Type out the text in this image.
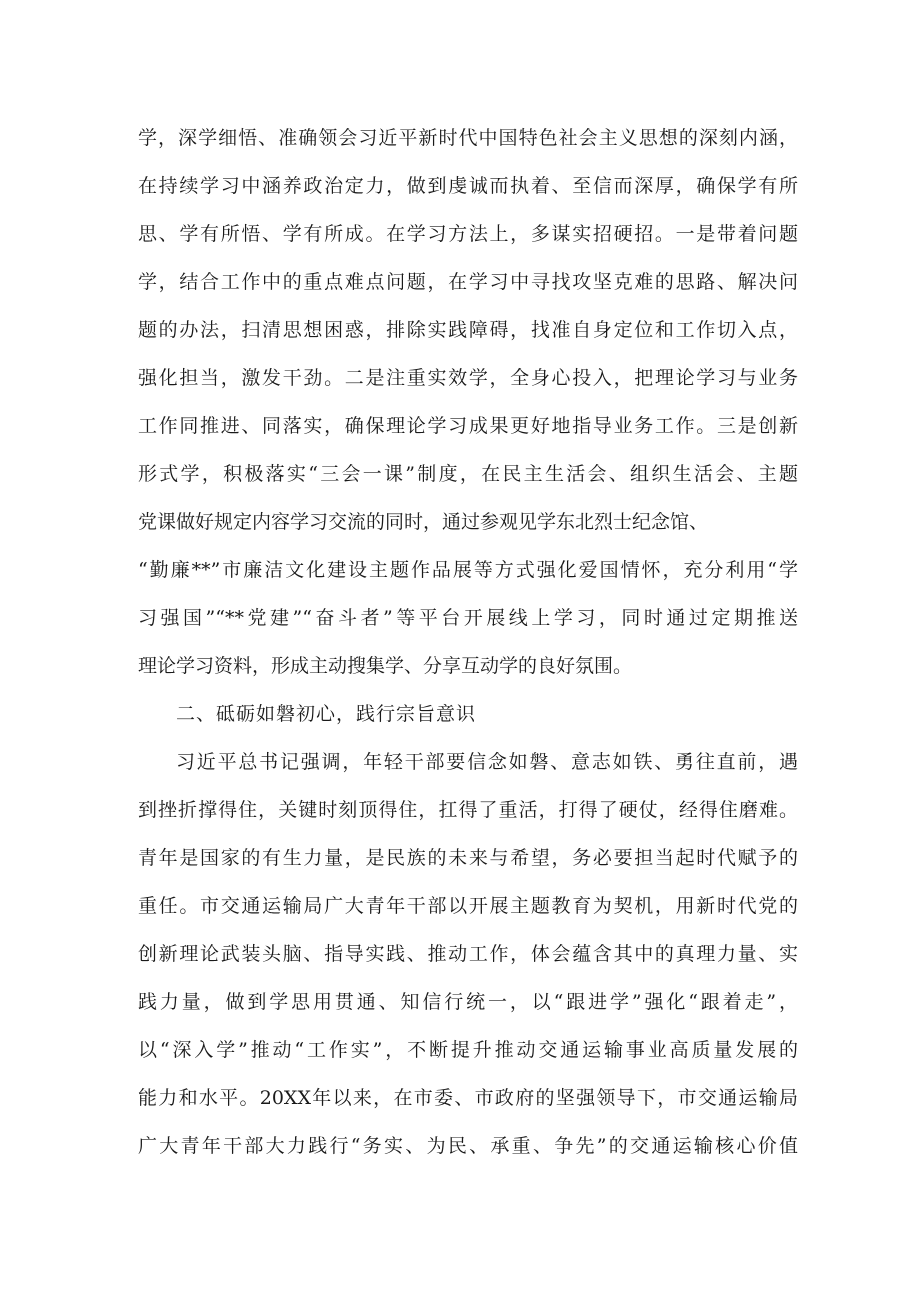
学，深学细悟、准确领会习近平新时代中国特色社会主义思想的深刻内涵，
在持续学习中涵养政治定力，做到虔诚而执着、至信而深厚，确保学有所
思、学有所悟、学有所成。在学习方法上，多谋实招硬招。一是带着问题
学，结合工作中的重点难点问题，在学习中寻找攻坚克难的思路、解决问
题的办法，扫清思想困惑，排除实践障碍，找准自身定位和工作切入点，
强化担当，激发干劲。二是注重实效学，全身心投入，把理论学习与业务
工作同推进、同落实，确保理论学习成果更好地指导业务工作。三是创新
形式学，积极落实“三会一课”制度，在民主生活会、组织生活会、主题
党课做好规定内容学习交流的同时，通过参观见学东北烈士纪念馆、
“勤廉**”市廉洁文化建设主题作品展等方式强化爱国情怀，充分利用“学
习强国”“**党建”“奋斗者”等平台开展线上学习，同时通过定期推送
理论学习资料，形成主动搜集学、分享互动学的良好氛围。
二、砥砺如磐初心，践行宗旨意识
习近平总书记强调，年轻干部要信念如磐、意志如铁、勇往直前，遇
到挫折撑得住，关键时刻顶得住，扛得了重活，打得了硬仗，经得住磨难。
青年是国家的有生力量，是民族的未来与希望，务必要担当起时代赋予的
重任。市交通运输局广大青年干部以开展主题教育为契机，用新时代党的
创新理论武装头脑、指导实践、推动工作，体会蕴含其中的真理力量、实
践力量，做到学思用贯通、知信行统一，以“跟进学”强化“跟着走”，
以“深入学”推动“工作实”，不断提升推动交通运输事业高质量发展的
能力和水平。20XX年以来，在市委、市政府的坚强领导下，市交通运输局
广大青年干部大力践行“务实、为民、承重、争先”的交通运输核心价值
